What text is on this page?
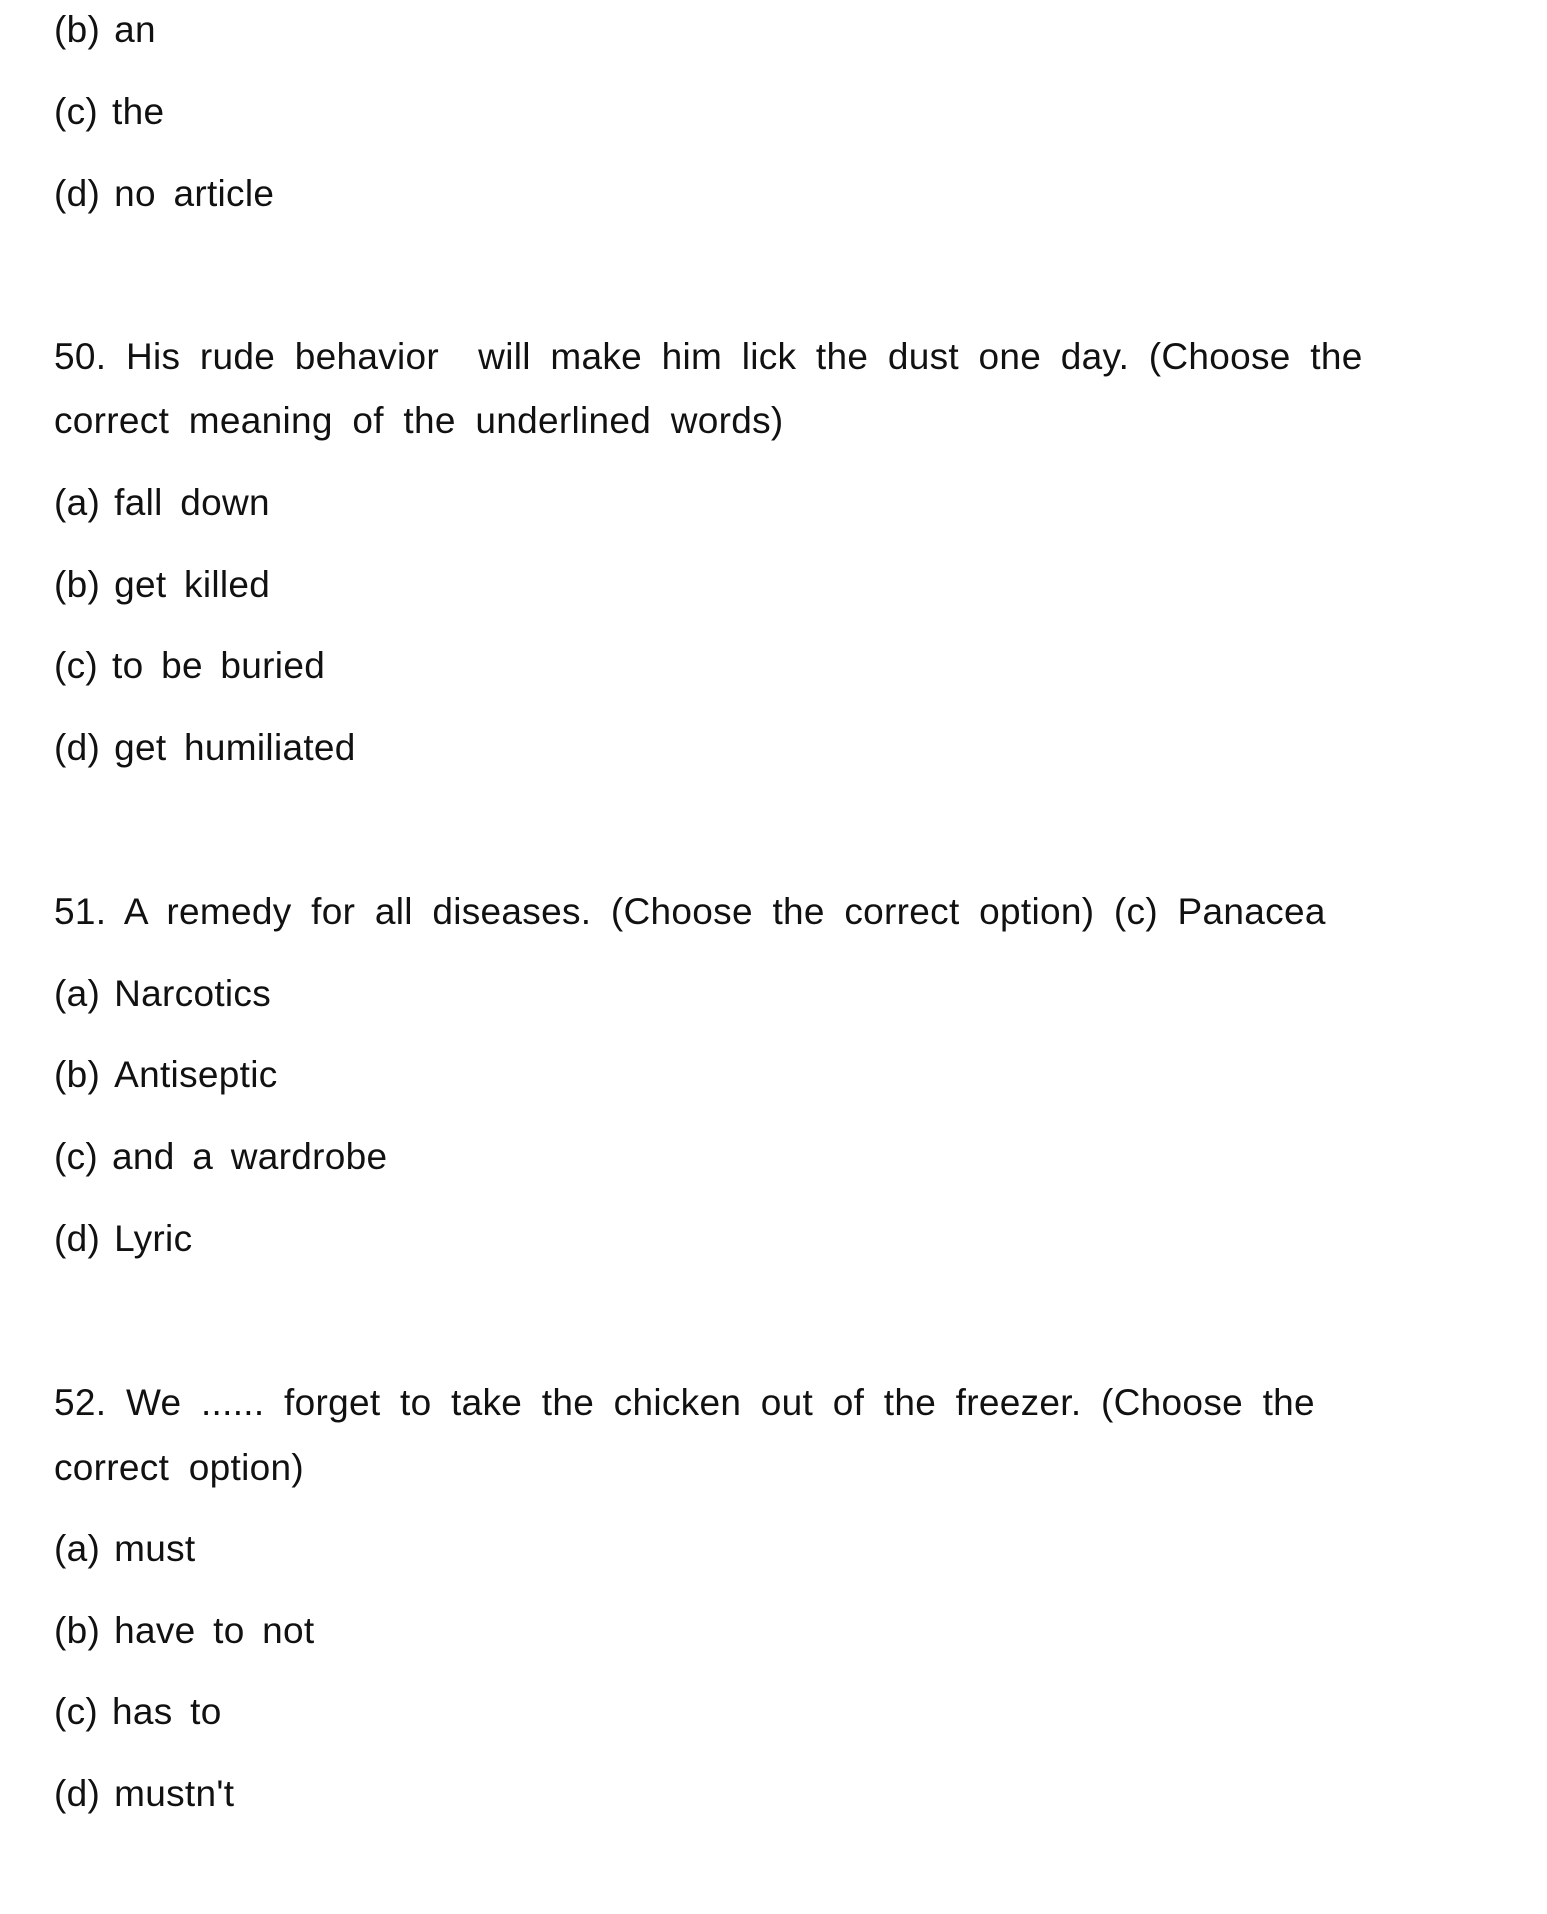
(b) an
(c) the
(d) no article
50. His rude behavior  will make him lick the dust one day. (Choose the
correct meaning of the underlined words)
(a) fall down
(b) get killed
(c) to be buried
(d) get humiliated
51. A remedy for all diseases. (Choose the correct option) (c) Panacea
(a) Narcotics
(b) Antiseptic
(c) and a wardrobe
(d) Lyric
52. We ...... forget to take the chicken out of the freezer. (Choose the
correct option)
(a) must
(b) have to not
(c) has to
(d) mustn't
